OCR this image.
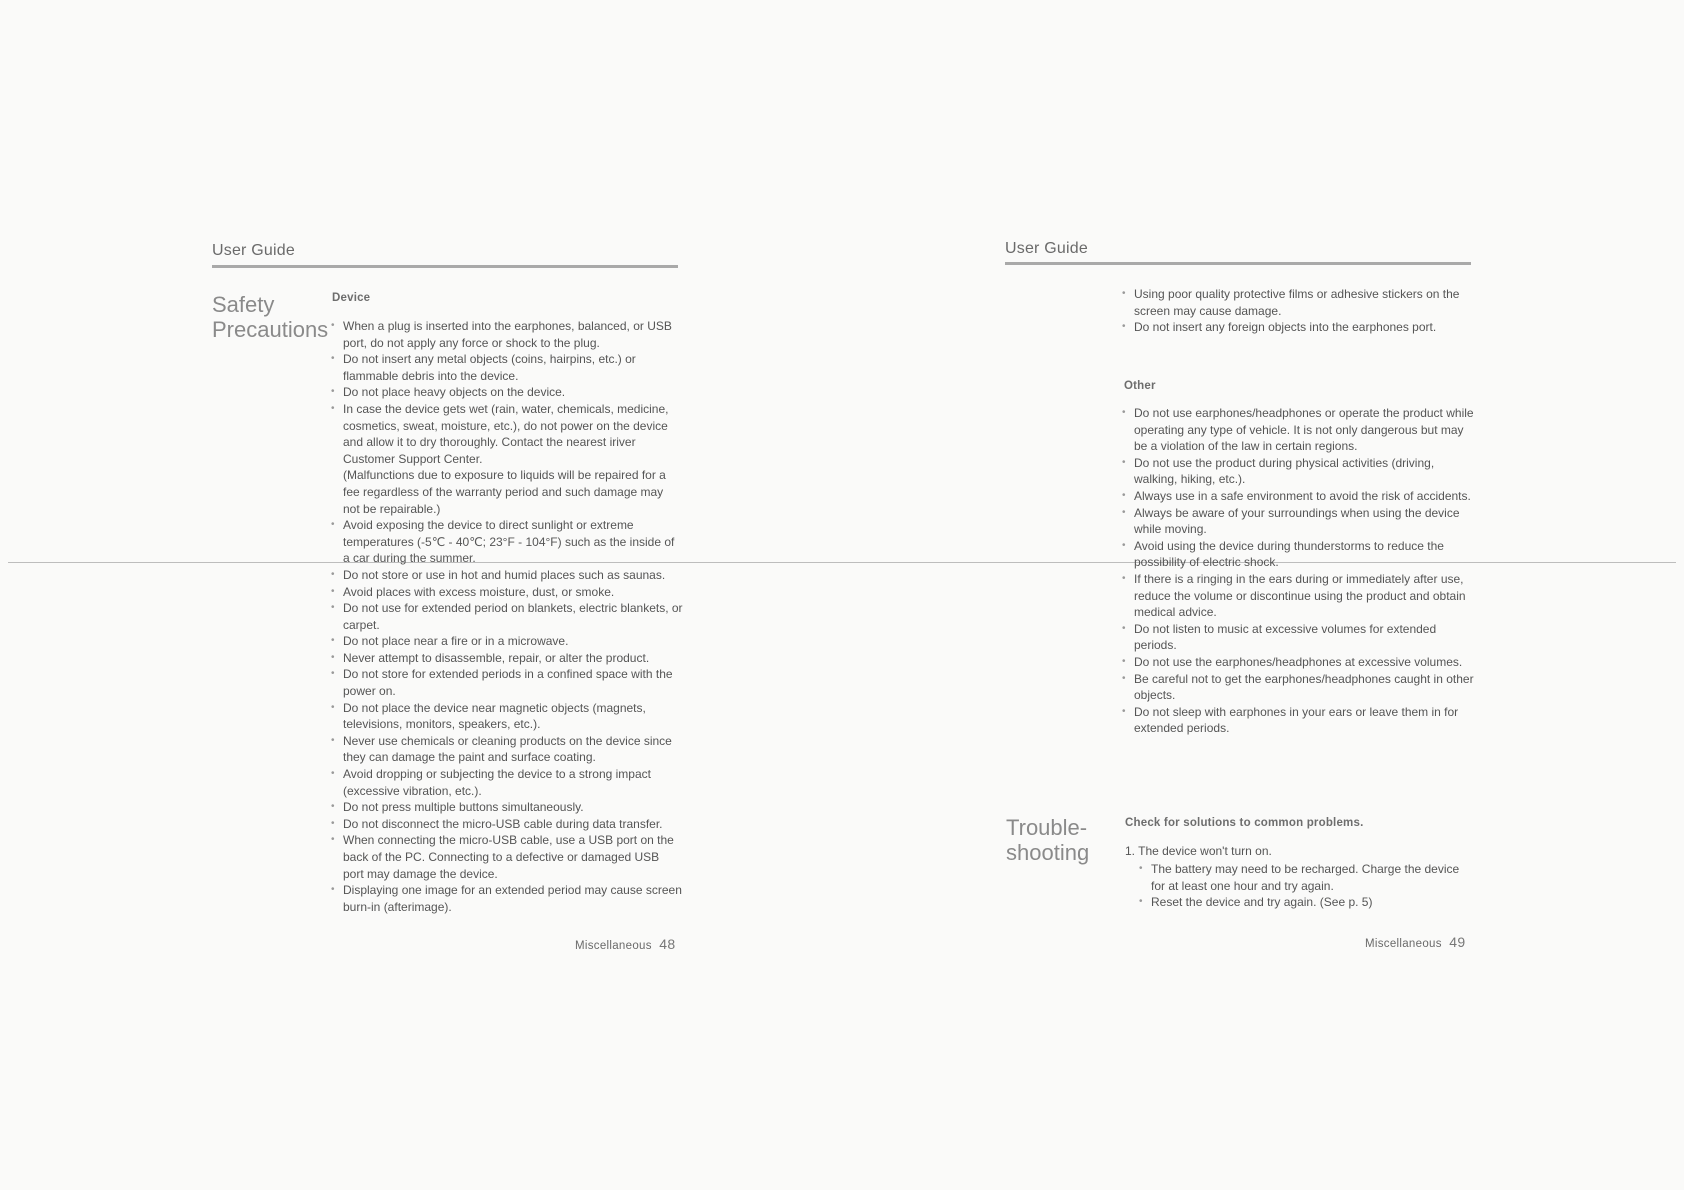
User Guide
Safety
Precautions
Device
• When a plug is inserted into the earphones, balanced, or USB port, do not apply any force or shock to the plug.
• Do not insert any metal objects (coins, hairpins, etc.) or flammable debris into the device.
• Do not place heavy objects on the device.
• In case the device gets wet (rain, water, chemicals, medicine, cosmetics, sweat, moisture, etc.), do not power on the device and allow it to dry thoroughly. Contact the nearest iriver Customer Support Center.
(Malfunctions due to exposure to liquids will be repaired for a fee regardless of the warranty period and such damage may not be repairable.)
• Avoid exposing the device to direct sunlight or extreme temperatures (-5℃ - 40℃; 23°F - 104°F) such as the inside of a car during the summer.
• Do not store or use in hot and humid places such as saunas.
• Avoid places with excess moisture, dust, or smoke.
• Do not use for extended period on blankets, electric blankets, or carpet.
• Do not place near a fire or in a microwave.
• Never attempt to disassemble, repair, or alter the product.
• Do not store for extended periods in a confined space with the power on.
• Do not place the device near magnetic objects (magnets, televisions, monitors, speakers, etc.).
• Never use chemicals or cleaning products on the device since they can damage the paint and surface coating.
• Avoid dropping or subjecting the device to a strong impact (excessive vibration, etc.).
• Do not press multiple buttons simultaneously.
• Do not disconnect the micro-USB cable during data transfer.
• When connecting the micro-USB cable, use a USB port on the back of the PC. Connecting to a defective or damaged USB port may damage the device.
• Displaying one image for an extended period may cause screen burn-in (afterimage).
Miscellaneous 48
User Guide
• Using poor quality protective films or adhesive stickers on the screen may cause damage.
• Do not insert any foreign objects into the earphones port.
Other
• Do not use earphones/headphones or operate the product while operating any type of vehicle. It is not only dangerous but may be a violation of the law in certain regions.
• Do not use the product during physical activities (driving, walking, hiking, etc.).
• Always use in a safe environment to avoid the risk of accidents.
• Always be aware of your surroundings when using the device while moving.
• Avoid using the device during thunderstorms to reduce the possibility of electric shock.
• If there is a ringing in the ears during or immediately after use, reduce the volume or discontinue using the product and obtain medical advice.
• Do not listen to music at excessive volumes for extended periods.
• Do not use the earphones/headphones at excessive volumes.
• Be careful not to get the earphones/headphones caught in other objects.
• Do not sleep with earphones in your ears or leave them in for extended periods.
Trouble-
shooting
Check for solutions to common problems.

1. The device won't turn on.

• The battery may need to be recharged. Charge the device for at least one hour and try again.
• Reset the device and try again. (See p. 5)
Miscellaneous 49
